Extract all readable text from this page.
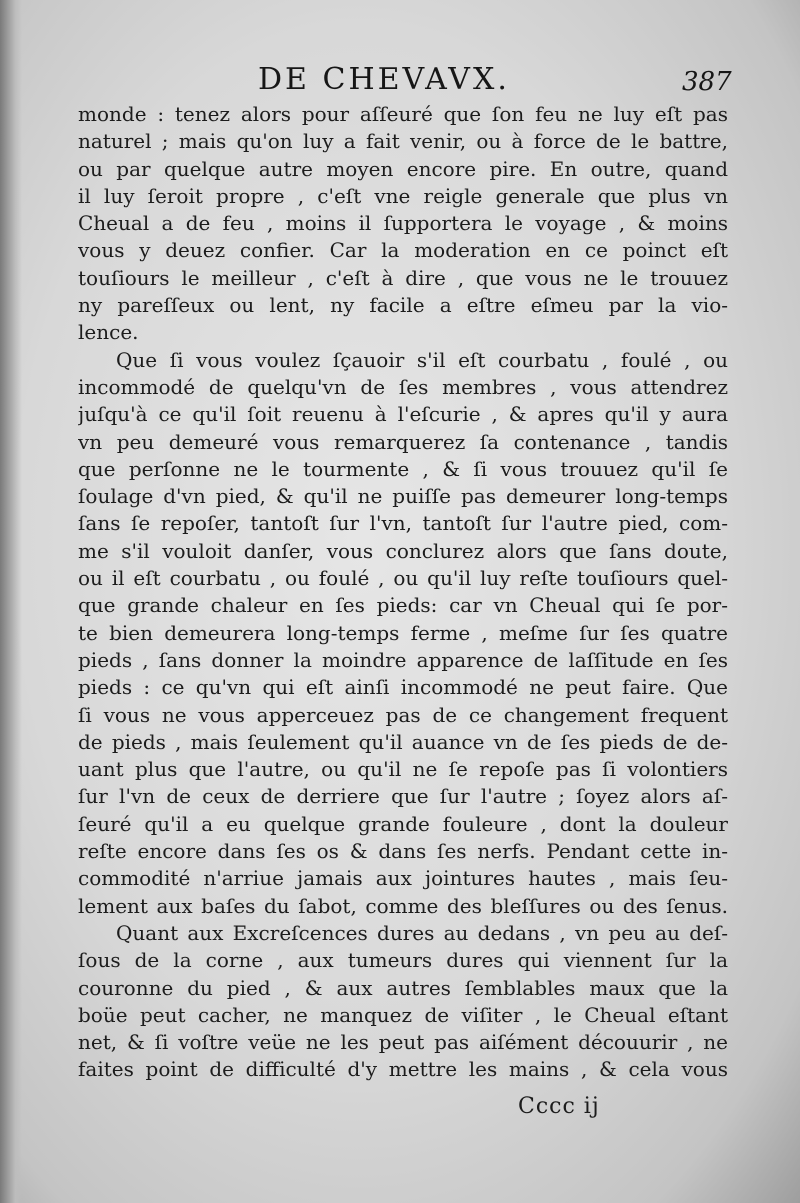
DE CHEVAVX.	387
monde : tenez alors pour aſſeuré que ſon feu ne luy eſt pas
naturel ; mais qu'on luy a fait venir, ou à force de le battre,
ou par quelque autre moyen encore pire. En outre, quand
il luy ſeroit propre , c'eſt vne reigle generale que plus vn
Cheual a de feu , moins il ſupportera le voyage , & moins
vous y deuez confier. Car la moderation en ce poinct eſt
touſiours le meilleur , c'eſt à dire , que vous ne le trouuez
ny pareſſeux ou lent, ny facile a eſtre eſmeu par la vio-
lence.
Que ſi vous voulez ſçauoir s'il eſt courbatu , foulé , ou
incommodé de quelqu'vn de ſes membres , vous attendrez
juſqu'à ce qu'il ſoit reuenu à l'eſcurie , & apres qu'il y aura
vn peu demeuré vous remarquerez ſa contenance , tandis
que perſonne ne le tourmente , & ſi vous trouuez qu'il ſe
ſoulage d'vn pied, & qu'il ne puiſſe pas demeurer long-temps
ſans ſe repoſer, tantoſt ſur l'vn, tantoſt ſur l'autre pied, com-
me s'il vouloit danſer, vous conclurez alors que ſans doute,
ou il eſt courbatu , ou foulé , ou qu'il luy reſte touſiours quel-
que grande chaleur en ſes pieds: car vn Cheual qui ſe por-
te bien demeurera long-temps ferme , meſme ſur ſes quatre
pieds , ſans donner la moindre apparence de laſſitude en ſes
pieds : ce qu'vn qui eſt ainſi incommodé ne peut faire. Que
ſi vous ne vous apperceuez pas de ce changement frequent
de pieds , mais ſeulement qu'il auance vn de ſes pieds de de-
uant plus que l'autre, ou qu'il ne ſe repoſe pas ſi volontiers
ſur l'vn de ceux de derriere que ſur l'autre ; ſoyez alors aſ-
ſeuré qu'il a eu quelque grande fouleure , dont la douleur
reſte encore dans ſes os & dans ſes nerfs. Pendant cette in-
commodité n'arriue jamais aux jointures hautes , mais ſeu-
lement aux baſes du ſabot, comme des bleſſures ou des ſenus.
Quant aux Excreſcences dures au dedans , vn peu au deſ-
ſous de la corne , aux tumeurs dures qui viennent ſur la
couronne du pied , & aux autres ſemblables maux que la
boüe peut cacher, ne manquez de viſiter , le Cheual eſtant
net, & ſi voſtre veüe ne les peut pas aiſément découurir , ne
faites point de difficulté d'y mettre les mains , & cela vous
Cccc ij
